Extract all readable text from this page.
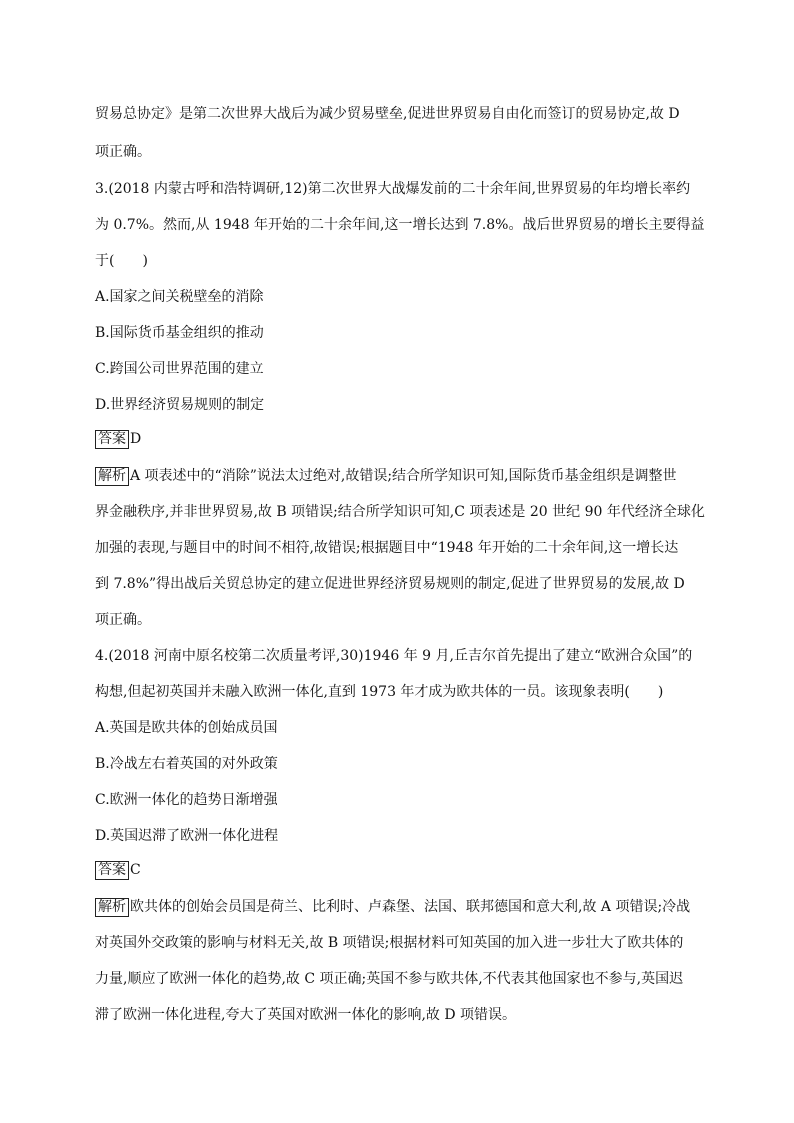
贸易总协定》是第二次世界大战后为减少贸易壁垒,促进世界贸易自由化而签订的贸易协定,故 D
项正确。
3.(2018 内蒙古呼和浩特调研,12)第二次世界大战爆发前的二十余年间,世界贸易的年均增长率约
为 0.7%。然而,从 1948 年开始的二十余年间,这一增长达到 7.8%。战后世界贸易的增长主要得益
于(　　)
A.国家之间关税壁垒的消除
B.国际货币基金组织的推动
C.跨国公司世界范围的建立
D.世界经济贸易规则的制定
答案 D
解析 A 项表述中的“消除”说法太过绝对,故错误;结合所学知识可知,国际货币基金组织是调整世
界金融秩序,并非世界贸易,故 B 项错误;结合所学知识可知,C 项表述是 20 世纪 90 年代经济全球化
加强的表现,与题目中的时间不相符,故错误;根据题目中“1948 年开始的二十余年间,这一增长达
到 7.8%”得出战后关贸总协定的建立促进世界经济贸易规则的制定,促进了世界贸易的发展,故 D
项正确。
4.(2018 河南中原名校第二次质量考评,30)1946 年 9 月,丘吉尔首先提出了建立“欧洲合众国”的
构想,但起初英国并未融入欧洲一体化,直到 1973 年才成为欧共体的一员。该现象表明(　　)
A.英国是欧共体的创始成员国
B.冷战左右着英国的对外政策
C.欧洲一体化的趋势日渐增强
D.英国迟滞了欧洲一体化进程
答案 C
解析 欧共体的创始会员国是荷兰、比利时、卢森堡、法国、联邦德国和意大利,故 A 项错误;冷战
对英国外交政策的影响与材料无关,故 B 项错误;根据材料可知英国的加入进一步壮大了欧共体的
力量,顺应了欧洲一体化的趋势,故 C 项正确;英国不参与欧共体,不代表其他国家也不参与,英国迟
滞了欧洲一体化进程,夸大了英国对欧洲一体化的影响,故 D 项错误。
